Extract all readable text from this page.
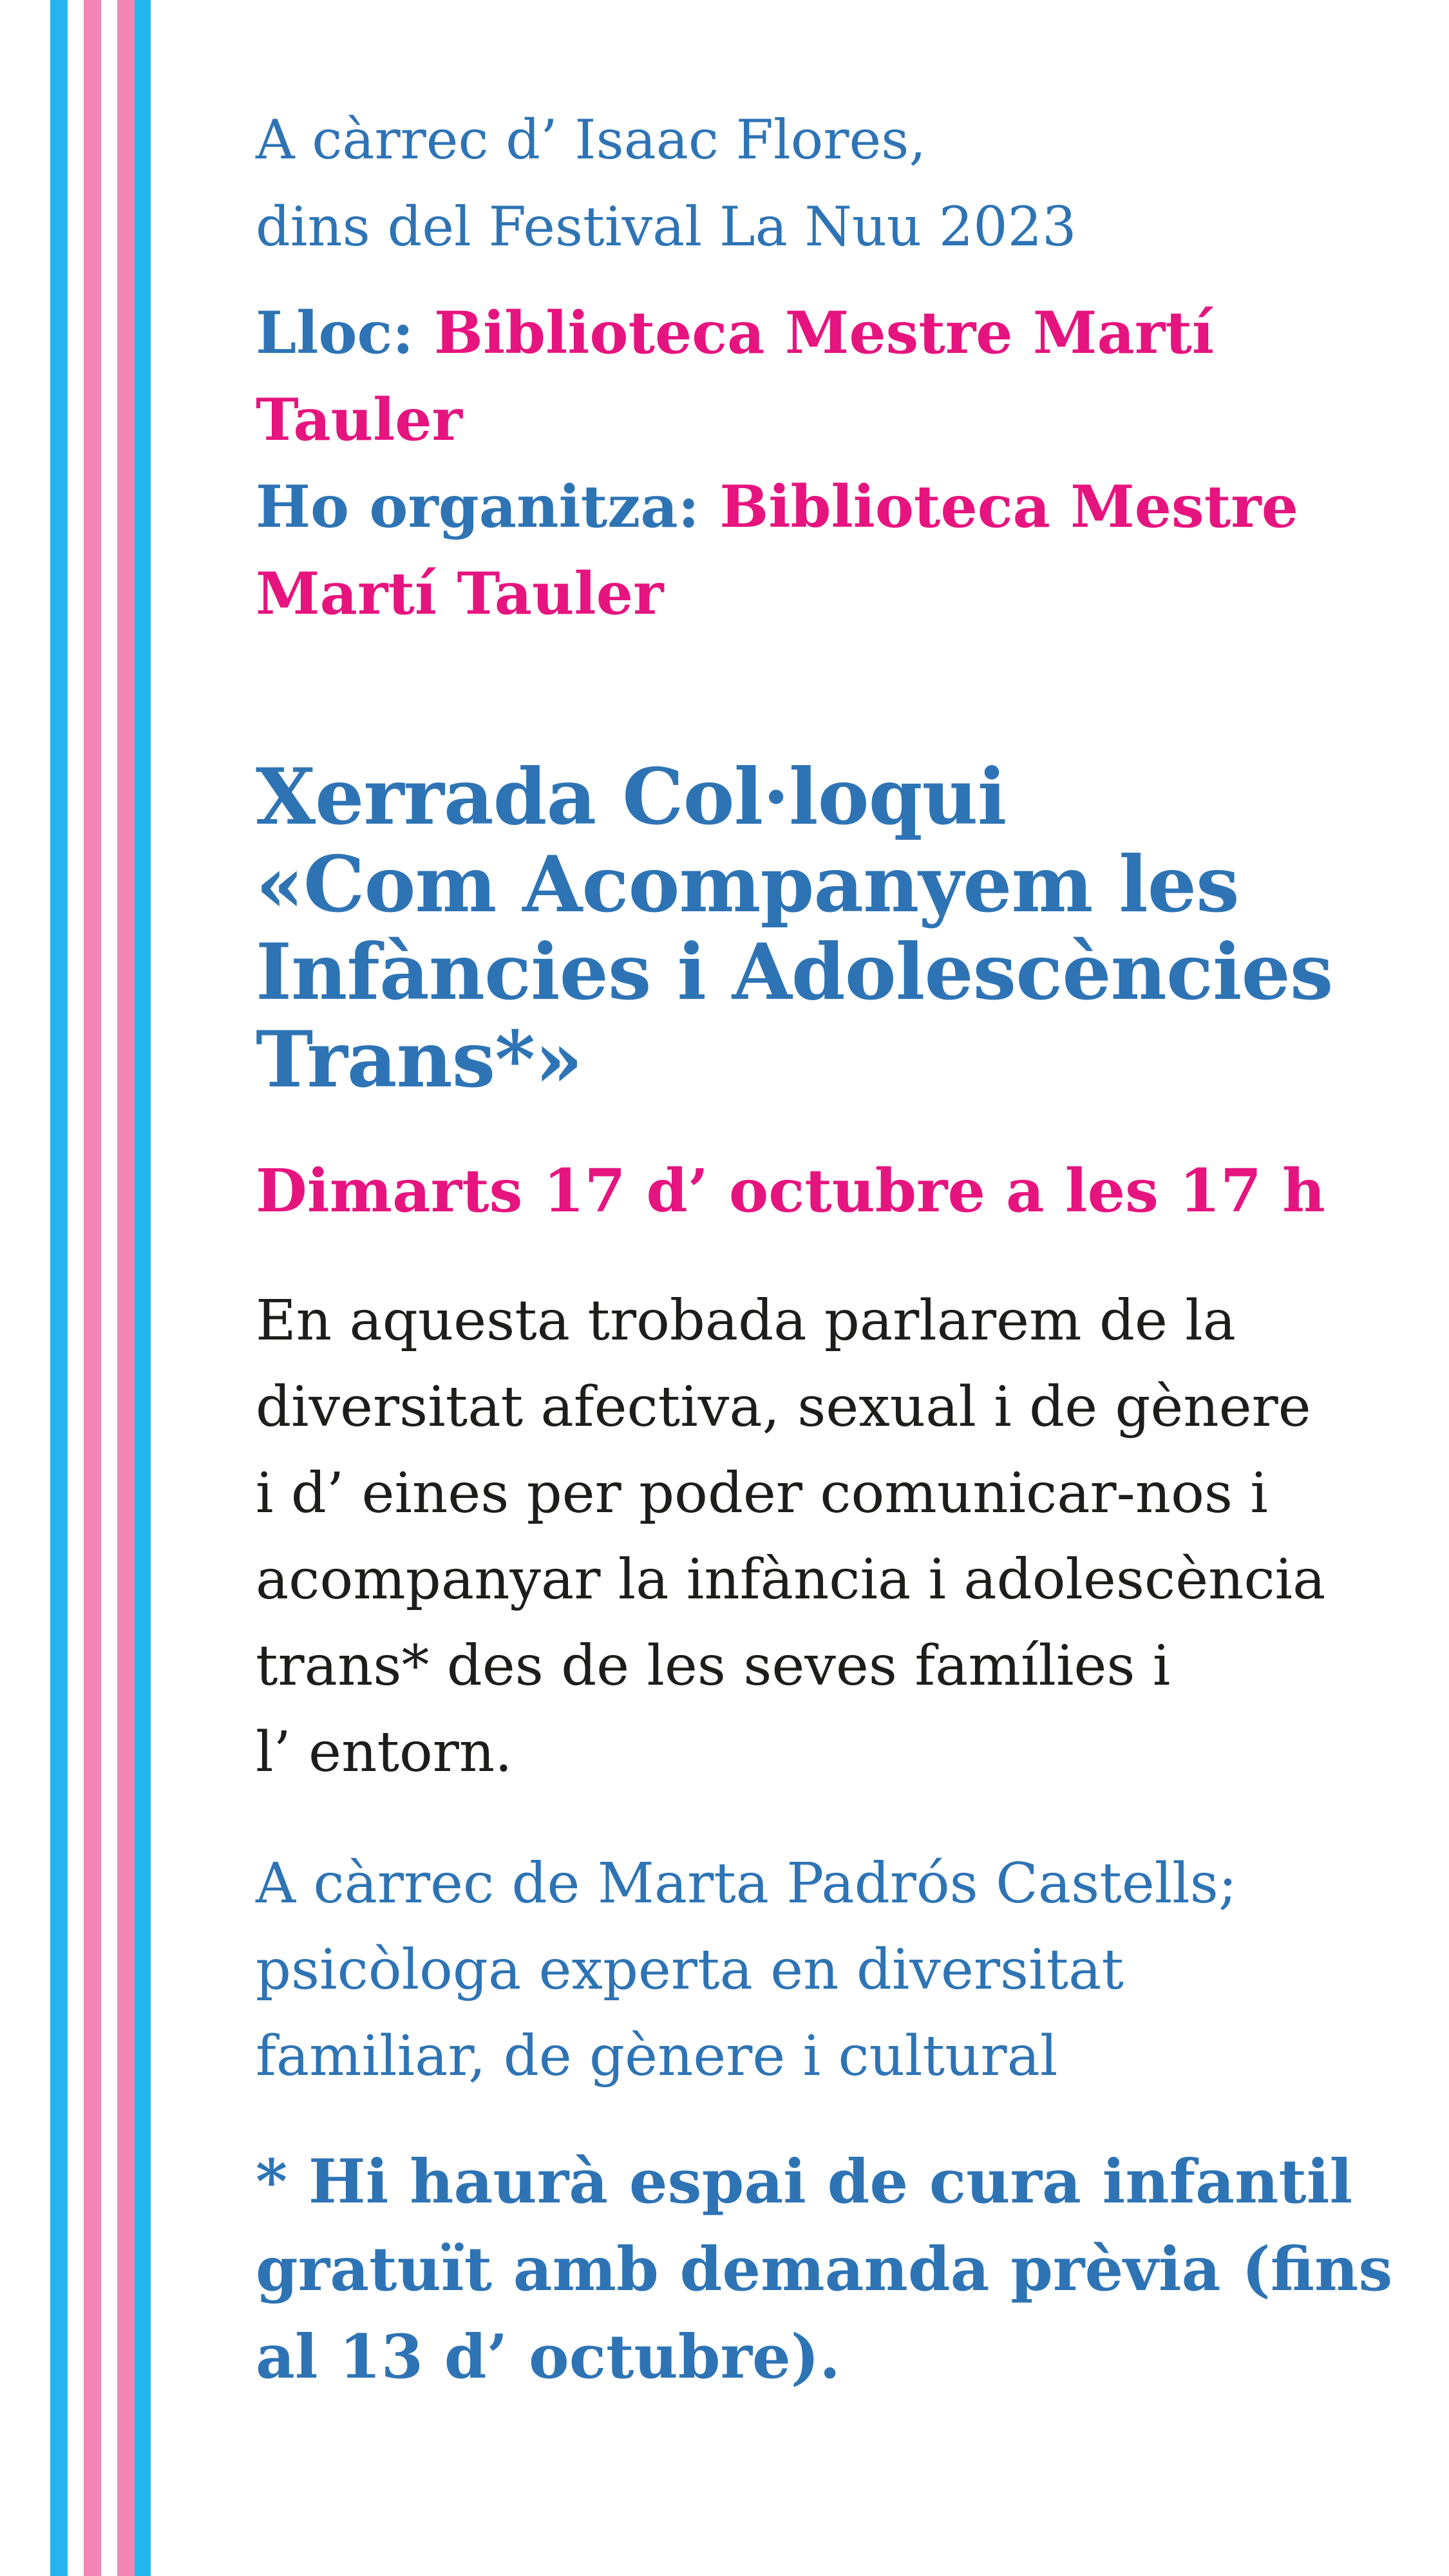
A càrrec d’ Isaac Flores,
dins del Festival La Nuu 2023

Lloc: Biblioteca Mestre Martí
Tauler
Ho organitza: Biblioteca Mestre
Martí Tauler

Xerrada Col·loqui
«Com Acompanyem les
Infàncies i Adolescències
Trans*»

Dimarts 17 d’ octubre a les 17 h

En aquesta trobada parlarem de la
diversitat afectiva, sexual i de gènere
i d’ eines per poder comunicar-nos i
acompanyar la infància i adolescència
trans* des de les seves famílies i
l’ entorn.

A càrrec de Marta Padrós Castells;
psicòloga experta en diversitat
familiar, de gènere i cultural

* Hi haurà espai de cura infantil
gratuït amb demanda prèvia (fins
al 13 d’ octubre).
